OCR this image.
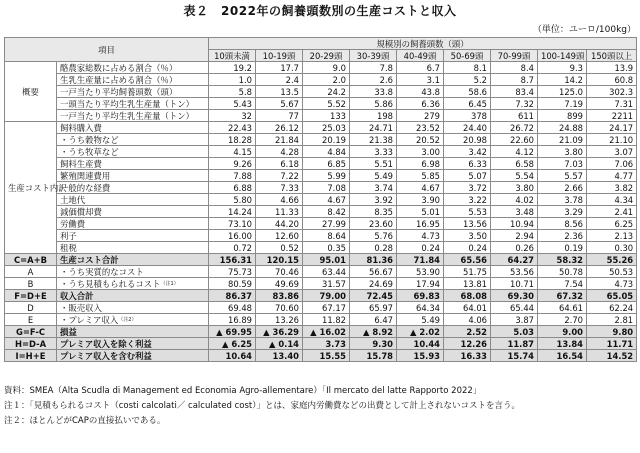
表２　2022年の飼養頭数別の生産コストと収入
（単位：ユーロ/100kg）
項目		規模別の飼養頭数（頭）								
		10頭未満	10-19頭	20-29頭	30-39頭	40-49頭	50-69頭	70-99頭	100-149頭	150頭以上
概要	酪農家総数に占める割合（％）	19.2	17.7	9.0	7.8	6.7	8.1	8.4	9.3	13.9
	生乳生産量に占める割合（％）	1.0	2.4	2.0	2.6	3.1	5.2	8.7	14.2	60.8
	一戸当たり平均飼養頭数（頭）	5.8	13.5	24.2	33.8	43.8	58.6	83.4	125.0	302.3
	一頭当たり平均生乳生産量（トン）	5.43	5.67	5.52	5.86	6.36	6.45	7.32	7.19	7.31
	一戸当たり平均生乳生産量（トン）	32	77	133	198	279	378	611	899	2211
生産コスト内訳	飼料購入費	22.43	26.12	25.03	24.71	23.52	24.40	26.72	24.88	24.17
	・うち穀物など	18.28	21.84	20.19	21.38	20.52	20.98	22.60	21.09	21.10
	・うち牧草など	4.15	4.28	4.84	3.33	3.00	3.42	4.12	3.80	3.07
	飼料生産費	9.26	6.18	6.85	5.51	6.98	6.33	6.58	7.03	7.06
	繁殖関連費用	7.88	7.22	5.99	5.49	5.85	5.07	5.54	5.57	4.77
	一般的な経費	6.88	7.33	7.08	3.74	4.67	3.72	3.80	2.66	3.82
	土地代	5.80	4.66	4.67	3.92	3.90	3.22	4.02	3.78	4.34
	減価償却費	14.24	11.33	8.42	8.35	5.01	5.53	3.48	3.29	2.41
	労働費	73.10	44.20	27.99	23.60	16.95	13.56	10.94	8.56	6.25
	利子	16.00	12.60	8.64	5.76	4.73	3.50	2.94	2.36	2.13
	租税	0.72	0.52	0.35	0.28	0.24	0.24	0.26	0.19	0.30
C=A+B	生産コスト合計	156.31	120.15	95.01	81.36	71.84	65.56	64.27	58.32	55.26
A	・うち実質的なコスト	75.73	70.46	63.44	56.67	53.90	51.75	53.56	50.78	50.53
B	・うち見積もられるコスト$^{(注1)}$	80.59	49.69	31.57	24.69	17.94	13.81	10.71	7.54	4.73
F=D+E	収入合計	86.37	83.86	79.00	72.45	69.83	68.08	69.30	67.32	65.05
D	・販売収入	69.48	70.60	67.17	65.97	64.34	64.01	65.44	64.61	62.24
E	・プレミア収入$^{(注2)}$	16.89	13.26	11.82	6.47	5.49	4.06	3.87	2.70	2.81
G=F-C	損益	▲ 69.95	▲ 36.29	▲ 16.02	▲ 8.92	▲ 2.02	2.52	5.03	9.00	9.80
H=D-A	プレミア収入を除く利益	▲ 6.25	▲ 0.14	3.73	9.30	10.44	12.26	11.87	13.84	11.71
I=H+E	プレミア収入を含む利益	10.64	13.40	15.55	15.78	15.93	16.33	15.74	16.54	14.52
資料：SMEA（Alta Scudla di Management ed Economia Agro-allementare）「Il mercato del latte Rapporto 2022」
注１：「見積もられるコスト（costi calcolati／ calculated cost）」とは、家庭内労働費などの出費として計上されないコストを言う。
注２：ほとんどがCAPの直接払いである。
